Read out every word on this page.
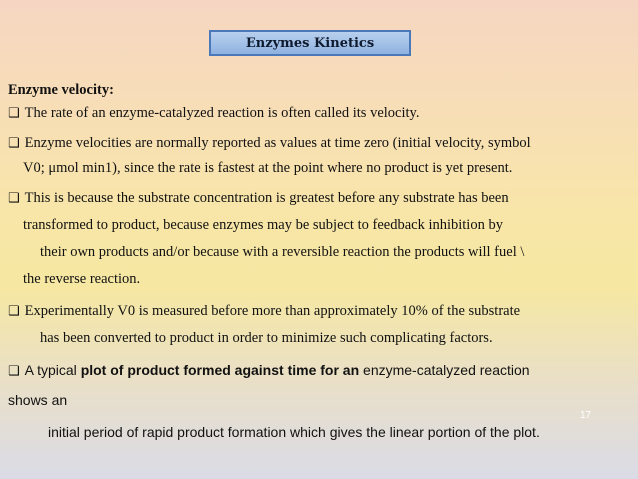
Enzymes Kinetics
Enzyme velocity:
❑ The rate of an enzyme-catalyzed reaction is often called its velocity.
❑ Enzyme velocities are normally reported as values at time zero (initial velocity, symbol
V0; μmol min1), since the rate is fastest at the point where no product is yet present.
❑ This is because the substrate concentration is greatest before any substrate has been
transformed to product, because enzymes may be subject to feedback inhibition by
their own products and/or because with a reversible reaction the products will fuel \
the reverse reaction.
❑ Experimentally V0 is measured before more than approximately 10% of the substrate
has been converted to product in order to minimize such complicating factors.
❑ A typical plot of product formed against time for an enzyme-catalyzed reaction
shows an
initial period of rapid product formation which gives the linear portion of the plot.
17
